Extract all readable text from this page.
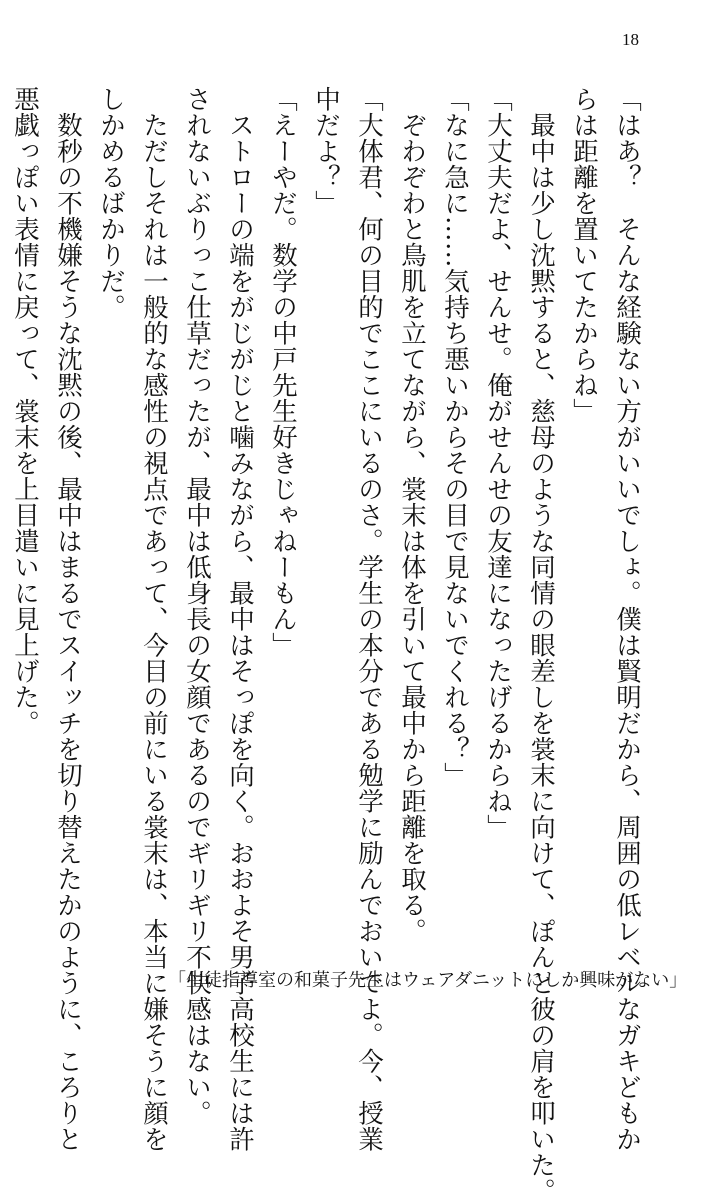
18
「はあ？　そんな経験ない方がいいでしょ。僕は賢明だから、周囲の低レベルなガキどもか
らは距離を置いてたからね」
　最中は少し沈黙すると、慈母のような同情の眼差しを裳末に向けて、ぽんと彼の肩を叩いた。
「大丈夫だよ、せんせ。俺がせんせの友達になったげるからね」
「なに急に……気持ち悪いからその目で見ないでくれる？」
　ぞわぞわと鳥肌を立てながら、裳末は体を引いて最中から距離を取る。
「大体君、何の目的でここにいるのさ。学生の本分である勉学に励んでおいでよ。今、授業
中だよ？」
「えーやだ。数学の中戸先生好きじゃねーもん」
　ストローの端をがじがじと噛みながら、最中はそっぽを向く。おおよそ男子高校生には許
されないぶりっこ仕草だったが、最中は低身長の女顔であるのでギリギリ不快感はない。
　ただしそれは一般的な感性の視点であって、今目の前にいる裳末は、本当に嫌そうに顔を
しかめるばかりだ。
　数秒の不機嫌そうな沈黙の後、最中はまるでスイッチを切り替えたかのように、ころりと
悪戯っぽい表情に戻って、裳末を上目遣いに見上げた。
「生徒指導室の和菓子先生はウェアダニットにしか興味がない」
